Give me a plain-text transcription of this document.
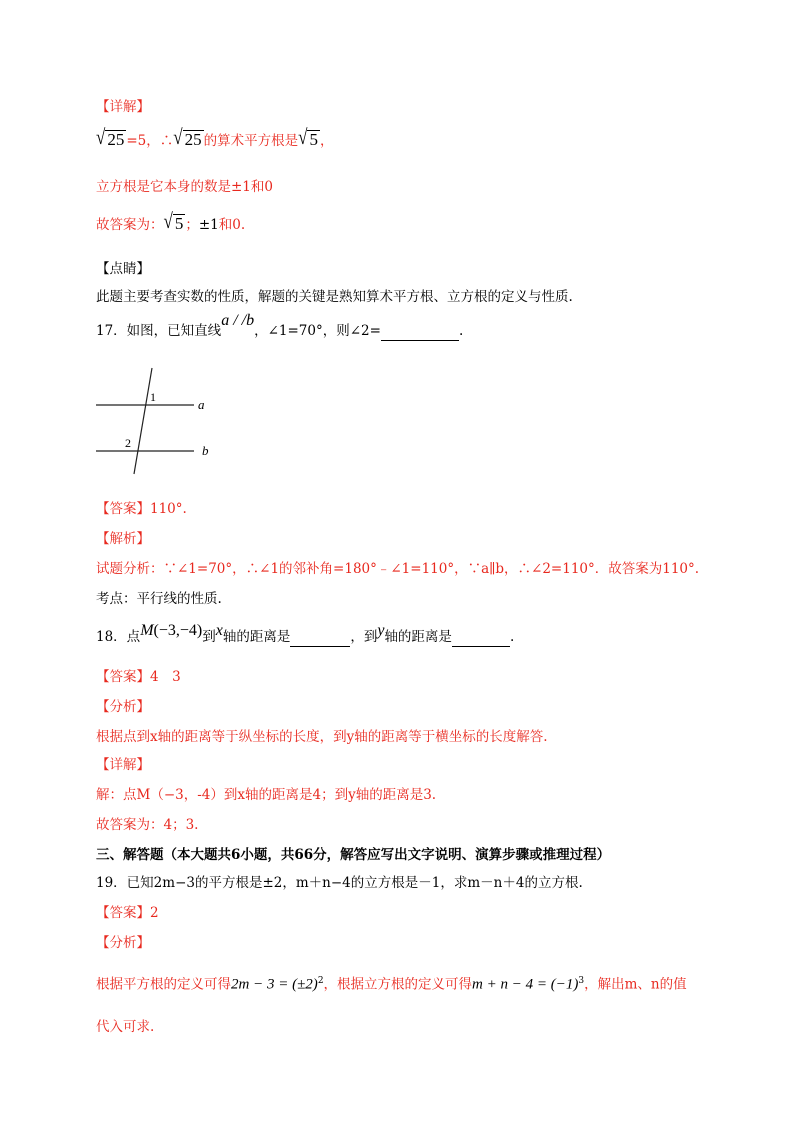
【详解】
√ 25 =5，∴√ 25 的算术平方根是√ 5 ，
立方根是它本身的数是±1和0
故答案为：√ 5 ；±1和0.
【点睛】
此题主要考查实数的性质，解题的关键是熟知算术平方根、立方根的定义与性质.
17．如图，已知直线a / /b，∠1=70°，则∠2=	.
1
2
a
b
【答案】110°.
【解析】
试题分析：∵∠1=70°，∴∠1的邻补角=180°﹣∠1=110°，∵a∥b，∴∠2=110°．故答案为110°.
考点：平行线的性质.
18．点M(−3,−4)到x轴的距离是	，到y轴的距离是	.
【答案】4　3
【分析】
根据点到x轴的距离等于纵坐标的长度，到y轴的距离等于横坐标的长度解答.
【详解】
解：点M（−3，-4）到x轴的距离是4；到y轴的距离是3.
故答案为：4；3.
三、解答题（本大题共6小题，共66分，解答应写出文字说明、演算步骤或推理过程）
19．已知2m−3的平方根是±2，m＋n−4的立方根是－1，求m－n＋4的立方根.
【答案】2
【分析】
根据平方根的定义可得$2m - 3 = (\pm 2)^2$，根据立方根的定义可得$m + n - 4 = (-1)^3$，解出m、n的值
代入可求.
